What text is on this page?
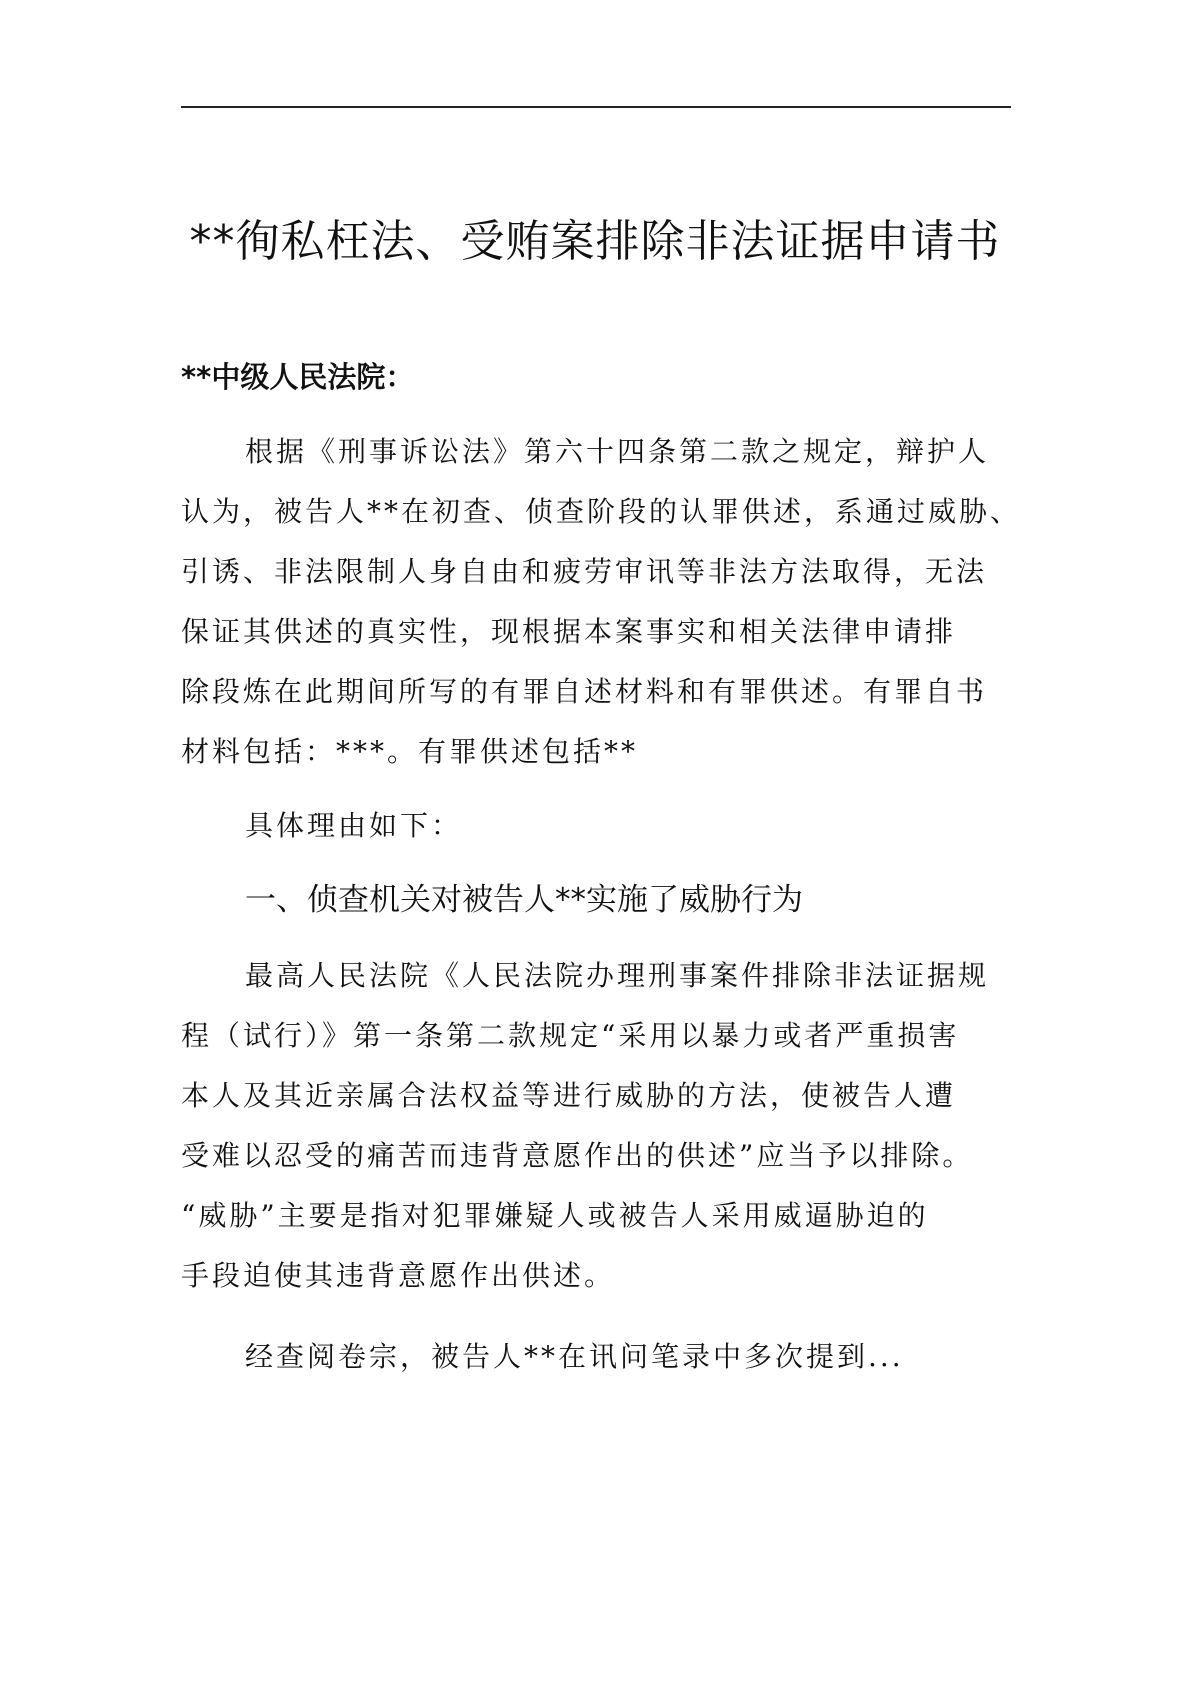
**徇私枉法、受贿案排除非法证据申请书
**中级人民法院：
根据《刑事诉讼法》第六十四条第二款之规定，辩护人
认为，被告人**在初查、侦查阶段的认罪供述，系通过威胁、
引诱、非法限制人身自由和疲劳审讯等非法方法取得，无法
保证其供述的真实性，现根据本案事实和相关法律申请排
除段炼在此期间所写的有罪自述材料和有罪供述。有罪自书
材料包括：***。有罪供述包括**
具体理由如下：
一、侦查机关对被告人**实施了威胁行为
最高人民法院《人民法院办理刑事案件排除非法证据规
程（试行）》第一条第二款规定“采用以暴力或者严重损害
本人及其近亲属合法权益等进行威胁的方法，使被告人遭
受难以忍受的痛苦而违背意愿作出的供述”应当予以排除。
“威胁”主要是指对犯罪嫌疑人或被告人采用威逼胁迫的
手段迫使其违背意愿作出供述。
经查阅卷宗，被告人**在讯问笔录中多次提到...
